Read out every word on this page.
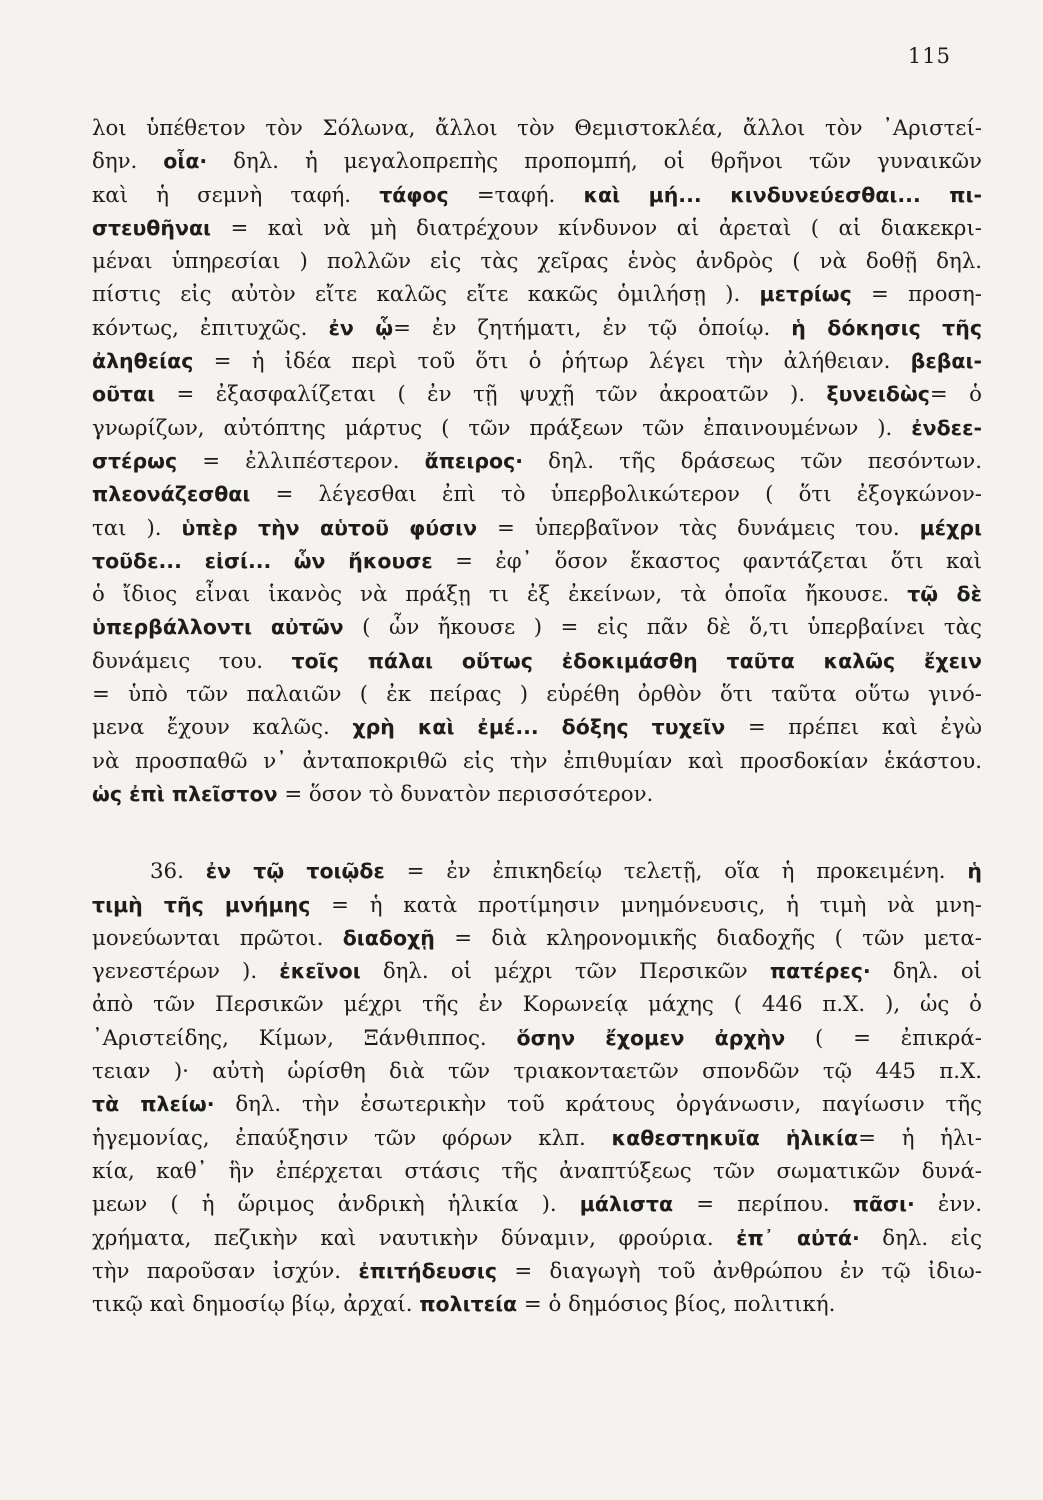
115
λοι ὑπέθετον τὸν Σόλωνα, ἄλλοι τὸν Θεμιστοκλέα, ἄλλοι τὸν ᾿Αριστεί-
δην. οἷα· δηλ. ἡ μεγαλοπρεπὴς προπομπή, οἱ θρῆνοι τῶν γυναικῶν
καὶ ἡ σεμνὴ ταφή. τάφος =ταφή. καὶ μή... κινδυνεύεσθαι... πι-
στευθῆναι = καὶ νὰ μὴ διατρέχουν κίνδυνον αἱ ἀρεταὶ ( αἱ διακεκρι-
μέναι ὑπηρεσίαι ) πολλῶν εἰς τὰς χεῖρας ἑνὸς ἀνδρὸς ( νὰ δοθῇ δηλ.
πίστις εἰς αὐτὸν εἴτε καλῶς εἴτε κακῶς ὁμιλήσῃ ). μετρίως = προση-
κόντως, ἐπιτυχῶς. ἐν ᾧ= ἐν ζητήματι, ἐν τῷ ὁποίῳ. ἡ δόκησις τῆς
ἀληθείας = ἡ ἰδέα περὶ τοῦ ὅτι ὁ ῥήτωρ λέγει τὴν ἀλήθειαν. βεβαι-
οῦται = ἐξασφαλίζεται ( ἐν τῇ ψυχῇ τῶν ἀκροατῶν ). ξυνειδὼς= ὁ
γνωρίζων, αὐτόπτης μάρτυς ( τῶν πράξεων τῶν ἐπαινουμένων ). ἐνδεε-
στέρως = ἐλλιπέστερον. ἄπειρος· δηλ. τῆς δράσεως τῶν πεσόντων.
πλεονάζεσθαι = λέγεσθαι ἐπὶ τὸ ὑπερβολικώτερον ( ὅτι ἐξογκώνον-
ται ). ὑπὲρ τὴν αὑτοῦ φύσιν = ὑπερβαῖνον τὰς δυνάμεις του. μέχρι
τοῦδε... εἰσί... ὧν ἤκουσε = ἐφ᾿ ὅσον ἕκαστος φαντάζεται ὅτι καὶ
ὁ ἴδιος εἶναι ἱκανὸς νὰ πράξῃ τι ἐξ ἐκείνων, τὰ ὁποῖα ἤκουσε. τῷ δὲ
ὑπερβάλλοντι αὐτῶν ( ὧν ἤκουσε ) = εἰς πᾶν δὲ ὅ,τι ὑπερβαίνει τὰς
δυνάμεις του. τοῖς πάλαι οὕτως ἐδοκιμάσθη ταῦτα καλῶς ἔχειν
= ὑπὸ τῶν παλαιῶν ( ἐκ πείρας ) εὑρέθη ὀρθὸν ὅτι ταῦτα οὕτω γινό-
μενα ἔχουν καλῶς. χρὴ καὶ ἐμέ... δόξης τυχεῖν = πρέπει καὶ ἐγὼ
νὰ προσπαθῶ ν᾿ ἀνταποκριθῶ εἰς τὴν ἐπιθυμίαν καὶ προσδοκίαν ἑκάστου.
ὡς ἐπὶ πλεῖστον = ὅσον τὸ δυνατὸν περισσότερον.
36. ἐν τῷ τοιῷδε = ἐν ἐπικηδείῳ τελετῇ, οἵα ἡ προκειμένη. ἡ
τιμὴ τῆς μνήμης = ἡ κατὰ προτίμησιν μνημόνευσις, ἡ τιμὴ νὰ μνη-
μονεύωνται πρῶτοι. διαδοχῇ = διὰ κληρονομικῆς διαδοχῆς ( τῶν μετα-
γενεστέρων ). ἐκεῖνοι δηλ. οἱ μέχρι τῶν Περσικῶν πατέρες· δηλ. οἱ
ἀπὸ τῶν Περσικῶν μέχρι τῆς ἐν Κορωνείᾳ μάχης ( 446 π.Χ. ), ὡς ὁ
᾿Αριστείδης, Κίμων, Ξάνθιππος. ὅσην ἔχομεν ἀρχὴν ( = ἐπικρά-
τειαν )· αὐτὴ ὡρίσθη διὰ τῶν τριακονταετῶν σπονδῶν τῷ 445 π.Χ.
τὰ πλείω· δηλ. τὴν ἐσωτερικὴν τοῦ κράτους ὀργάνωσιν, παγίωσιν τῆς
ἡγεμονίας, ἐπαύξησιν τῶν φόρων κλπ. καθεστηκυῖα ἡλικία= ἡ ἡλι-
κία, καθ᾿ ἣν ἐπέρχεται στάσις τῆς ἀναπτύξεως τῶν σωματικῶν δυνά-
μεων ( ἡ ὥριμος ἀνδρικὴ ἡλικία ). μάλιστα = περίπου. πᾶσι· ἐνν.
χρήματα, πεζικὴν καὶ ναυτικὴν δύναμιν, φρούρια. ἐπ᾿ αὐτά· δηλ. εἰς
τὴν παροῦσαν ἰσχύν. ἐπιτήδευσις = διαγωγὴ τοῦ ἀνθρώπου ἐν τῷ ἰδιω-
τικῷ καὶ δημοσίῳ βίῳ, ἀρχαί. πολιτεία = ὁ δημόσιος βίος, πολιτική.
